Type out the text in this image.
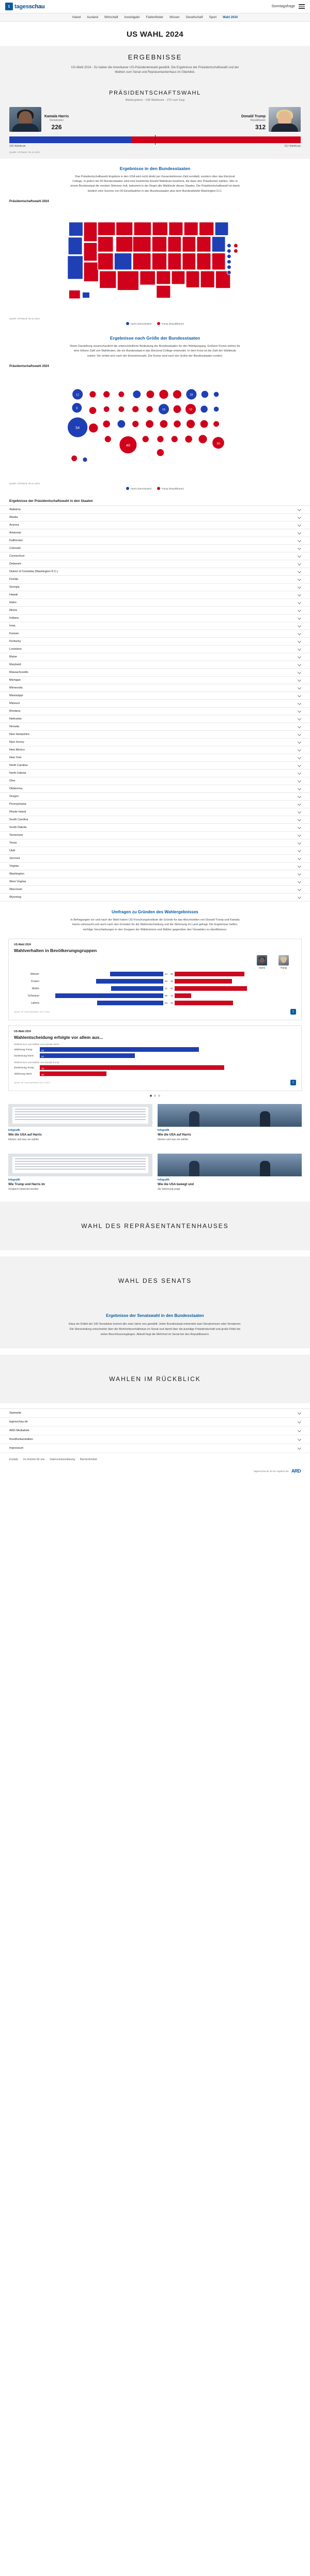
t tagesschau	Sonntagsfrage
Inland Ausland Wirtschaft Investigativ Faktenfinder Wissen Gesellschaft Sport Wahl 2024
US WAHL 2024
ERGEBNISSE

US-Wahl 2024 - So haben die Amerikaner US-Präsidentenwahl gewählt. Die Ergebnisse der Präsidentschaftswahl und der Wahlen zum Senat und Repräsentantenhaus im Überblick.

PRÄSIDENTSCHAFTSWAHL
Wahlergebnis - 538 Wahlleute - 270 zum Sieg
Kamala Harris
Demokraten
226
Donald Trump
Republikaner
312
226 Wahlleute	312 Wahlleute
Quelle: AP/Stand: 06.11.2024
Ergebnisse in den Bundesstaaten

Das Präsidentschaftswahl-Ergebnis in den USA wird nicht direkt per Gesamtstimmen-Zahl ermittelt, sondern über das Electoral College. In jedem der 50 Bundesstaaten wird eine bestimmte Anzahl Wahlleute bestimmt, die dann den Präsidenten wählen. Wer in einem Bundesstaat die meisten Stimmen holt, bekommt in der Regel alle Wahlleute dieses Staates. Die Präsidentschaftswahl ist damit letztlich eine Summe von 50 Einzelwahlen in den Bundesstaaten plus dem Bundesdistrikt Washington D.C.

Präsidentschaftswahl 2024
Quelle: AP/Stand: 06.11.2024
Harris (Demokraten)	Trump (Republikaner)
Ergebnisse nach Größe der Bundesstaaten

Diese Darstellung veranschaulicht die unterschiedliche Bedeutung der Bundesstaaten für den Wahlausgang. Größere Kreise stehen für eine höhere Zahl von Wahlleuten, die ein Bundesstaat in das Electoral College entsendet. In dem Kreis ist die Zahl der Wahlleute notiert. Sie richtet sich nach der Einwohnerzahl. Die Kreise sind nach der Größe der Bundesstaaten sortiert.

Präsidentschaftswahl 2024
54
8
12
40
19	19
28
30
Quelle: AP/Stand: 06.11.2024
Harris (Demokraten)	Trump (Republikaner)
Ergebnisse der Präsidentschaftswahl in den Staaten
Alabama
Alaska
Arizona
Arkansas
Kalifornien
Colorado
Connecticut
Delaware
District of Columbia (Washington D.C.)
Florida
Georgia
Hawaii
Idaho
Illinois
Indiana
Iowa
Kansas
Kentucky
Louisiana
Maine
Maryland
Massachusetts
Michigan
Minnesota
Mississippi
Missouri
Montana
Nebraska
Nevada
New Hampshire
New Jersey
New Mexico
New York
North Carolina
North Dakota
Ohio
Oklahoma
Oregon
Pennsylvania
Rhode Island
South Carolina
South Dakota
Tennessee
Texas
Utah
Vermont
Virginia
Washington
West Virginia
Wisconsin
Wyoming
Umfragen zu Gründen des Wahlergebnisses

In Befragungen vor und nach der Wahl haben US-Forschungsinstitute die Gründe für das Abschneiden von Donald Trump und Kamala Harris untersucht und auch nach den Gründen für die Wahlentscheidung und die Stimmung im Land gefragt. Die Ergebnisse helfen, wichtige Verschiebungen in den Gruppen der Wählerinnen und Wähler gegenüber den Vorwahlen zu identifizieren.

US-Wahl 2024
Wahlverhalten in Bevölkerungsgruppen
Harris	Trump
Männer	42	55
Frauen	53	45
Weiße	41	57
Schwarze	85	13
Latinos	52	46
Quelle: AP VoteCast/Stand: 06.11.2024	⇪
US-Wahl 2024
Wahlentscheidung erfolgte vor allem aus...
Wählerinnen und Wähler von Kamala Harris
Ablehnung Trump	62
Zustimmung Harris	37
Wählerinnen und Wähler von Donald Trump
Zustimmung Trump	72
Ablehnung Harris	26
Quelle: AP VoteCast/Stand: 06.11.2024	⇪
Infografik
Wie die USA auf Harris
blicken und was sie wählte
Infografik
Wie die USA auf Harris
blicken und was sie wählte
Infografik
Wie Trump und Harris im
Vergleich bewertet werden
Infografik
Wie die USA bewegt und
die Stimmung prägt
WAHL DES REPRÄSENTANTENHAUSES
WAHL DES SENATS
Ergebnisse der Senatswahl in den Bundesstaaten

Etwa ein Drittel der 100 Senatsitze kommt alle zwei Jahre neu gewählt. Jeder Bundesstaat entsendet zwei Senatorinnen oder Senatoren. Die Sitzverteilung entscheidet über die Mehrheitsverhältnisse im Senat und damit über die jeweilige Präsidentschaft und große Rolle bei vielen Beschlussvorgängen. Aktuell liegt die Mehrheit im Senat bei den Republikanern.

WAHLEN IM RÜCKBLICK
Startseite
tagesschau.de
ARD-Mediathek
Rundfunkanstalten
Impressum
Kontakt Im Zeichen für uns Datenschutzerklärung Barrierefreiheit
tagesschau.de ist ein Angebot der ARD
